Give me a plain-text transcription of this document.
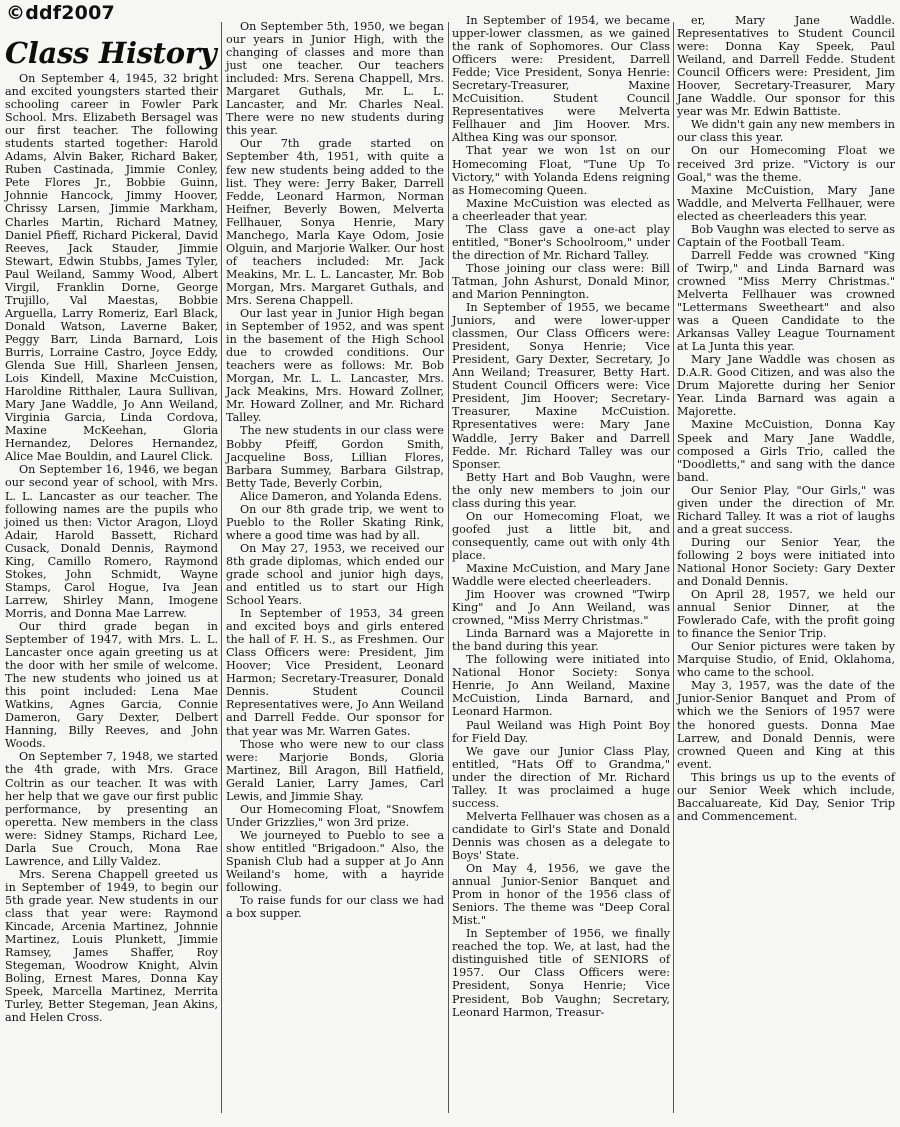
©ddf2007
Class History

On September 4, 1945, 32 bright and excited youngsters started their schooling career in Fowler Park School. Mrs. Elizabeth Bersagel was our first teacher. The following students started together: Harold Adams, Alvin Baker, Richard Baker, Ruben Castinada, Jimmie Conley, Pete Flores Jr., Bobbie Guinn, Johnnie Hancock, Jimmy Hoover, Chrissy Larsen, Jimmie Markham, Charles Martin, Richard Matney, Daniel Pfieff, Richard Pickeral, David Reeves, Jack Stauder, Jimmie Stewart, Edwin Stubbs, James Tyler, Paul Weiland, Sammy Wood, Albert Virgil, Franklin Dorne, George Trujillo, Val Maestas, Bobbie Arguella, Larry Romeriz, Earl Black, Donald Watson, Laverne Baker, Peggy Barr, Linda Barnard, Lois Burris, Lorraine Castro, Joyce Eddy, Glenda Sue Hill, Sharleen Jensen, Lois Kindell, Maxine McCuistion, Haroldine Ritthaler, Laura Sullivan, Mary Jane Waddle, Jo Ann Weiland, Virginia Garcia, Linda Cordova, Maxine McKeehan, Gloria Hernandez, Delores Hernandez, Alice Mae Bouldin, and Laurel Click.

On September 16, 1946, we began our second year of school, with Mrs. L. L. Lancaster as our teacher. The following names are the pupils who joined us then: Victor Aragon, Lloyd Adair, Harold Bassett, Richard Cusack, Donald Dennis, Raymond King, Camillo Romero, Raymond Stokes, John Schmidt, Wayne Stamps, Carol Hogue, Iva Jean Larrew, Shirley Mann, Imogene Morris, and Donna Mae Larrew.

Our third grade began in September of 1947, with Mrs. L. L. Lancaster once again greeting us at the door with her smile of welcome. The new students who joined us at this point included: Lena Mae Watkins, Agnes Garcia, Connie Dameron, Gary Dexter, Delbert Hanning, Billy Reeves, and John Woods.

On September 7, 1948, we started the 4th grade, with Mrs. Grace Coltrin as our teacher. It was with her help that we gave our first public performance, by presenting an operetta. New members in the class were: Sidney Stamps, Richard Lee, Darla Sue Crouch, Mona Rae Lawrence, and Lilly Valdez.

Mrs. Serena Chappell greeted us in September of 1949, to begin our 5th grade year. New students in our class that year were: Raymond Kincade, Arcenia Martinez, Johnnie Martinez, Louis Plunkett, Jimmie Ramsey, James Shaffer, Roy Stegeman, Woodrow Knight, Alvin Boling, Ernest Mares, Donna Kay Speek, Marcella Martinez, Merrita Turley, Better Stegeman, Jean Akins, and Helen Cross.

On September 5th, 1950, we began our years in Junior High, with the changing of classes and more than just one teacher. Our teachers included: Mrs. Serena Chappell, Mrs. Margaret Guthals, Mr. L. L. Lancaster, and Mr. Charles Neal. There were no new students during this year.

Our 7th grade started on September 4th, 1951, with quite a few new students being added to the list. They were: Jerry Baker, Darrell Fedde, Leonard Harmon, Norman Heifner, Beverly Bowen, Melverta Fellhauer, Sonya Henrie, Mary Manchego, Marla Kaye Odom, Josie Olguin, and Marjorie Walker. Our host of teachers included: Mr. Jack Meakins, Mr. L. L. Lancaster, Mr. Bob Morgan, Mrs. Margaret Guthals, and Mrs. Serena Chappell.

Our last year in Junior High began in September of 1952, and was spent in the basement of the High School due to crowded conditions. Our teachers were as follows: Mr. Bob Morgan, Mr. L. L. Lancaster, Mrs. Jack Meakins, Mrs. Howard Zollner, Mr. Howard Zollner, and Mr. Richard Talley.

The new students in our class were Bobby Pfeiff, Gordon Smith, Jacqueline Boss, Lillian Flores, Barbara Summey, Barbara Gilstrap, Betty Tade, Beverly Corbin,

Alice Dameron, and Yolanda Edens.

On our 8th grade trip, we went to Pueblo to the Roller Skating Rink, where a good time was had by all.

On May 27, 1953, we received our 8th grade diplomas, which ended our grade school and junior high days, and entitled us to start our High School Years.

In September of 1953, 34 green and excited boys and girls entered the hall of F. H. S., as Freshmen. Our Class Officers were: President, Jim Hoover; Vice President, Leonard Harmon; Secretary-Treasurer, Donald Dennis. Student Council Representatives were, Jo Ann Weiland and Darrell Fedde. Our sponsor for that year was Mr. Warren Gates.

Those who were new to our class were: Marjorie Bonds, Gloria Martinez, Bill Aragon, Bill Hatfield, Gerald Lanier, Larry James, Carl Lewis, and Jimmie Shay.

Our Homecoming Float, "Snowfem Under Grizzlies," won 3rd prize.

We journeyed to Pueblo to see a show entitled "Brigadoon." Also, the Spanish Club had a supper at Jo Ann Weiland's home, with a hayride following.

To raise funds for our class we had a box supper.

In September of 1954, we became upper-lower classmen, as we gained the rank of Sophomores. Our Class Officers were: President, Darrell Fedde; Vice President, Sonya Henrie: Secretary-Treasurer, Maxine McCuisition. Student Council Representatives were Melverta Fellhauer and Jim Hoover. Mrs. Althea King was our sponsor.

That year we won 1st on our Homecoming Float, "Tune Up To Victory," with Yolanda Edens reigning as Homecoming Queen.

Maxine McCuistion was elected as a cheerleader that year.

The Class gave a one-act play entitled, "Boner's Schoolroom," under the direction of Mr. Richard Talley.

Those joining our class were: Bill Tatman, John Ashurst, Donald Minor, and Marion Pennington.

In September of 1955, we became Juniors, and were lower-upper classmen, Our Class Officers were: President, Sonya Henrie; Vice President, Gary Dexter, Secretary, Jo Ann Weiland; Treasurer, Betty Hart. Student Council Officers were: Vice President, Jim Hoover; Secretary-Treasurer, Maxine McCuistion. Rpresentatives were: Mary Jane Waddle, Jerry Baker and Darrell Fedde. Mr. Richard Talley was our Sponser.

Betty Hart and Bob Vaughn, were the only new members to join our class during this year.

On our Homecoming Float, we goofed just a little bit, and consequently, came out with only 4th place.

Maxine McCuistion, and Mary Jane Waddle were elected cheerleaders.

Jim Hoover was crowned "Twirp King" and Jo Ann Weiland, was crowned, "Miss Merry Christmas."

Linda Barnard was a Majorette in the band during this year.

The following were initiated into National Honor Society: Sonya Henrie, Jo Ann Weiland, Maxine McCuistion, Linda Barnard, and Leonard Harmon.

Paul Weiland was High Point Boy for Field Day.

We gave our Junior Class Play, entitled, "Hats Off to Grandma," under the direction of Mr. Richard Talley. It was proclaimed a huge success.

Melverta Fellhauer was chosen as a candidate to Girl's State and Donald Dennis was chosen as a delegate to Boys' State.

On May 4, 1956, we gave the annual Junior-Senior Banquet and Prom in honor of the 1956 class of Seniors. The theme was "Deep Coral Mist."

In September of 1956, we finally reached the top. We, at last, had the distinguished title of SENIORS of 1957. Our Class Officers were: President, Sonya Henrie; Vice President, Bob Vaughn; Secretary, Leonard Harmon, Treasur-

er, Mary Jane Waddle. Representatives to Student Council were: Donna Kay Speek, Paul Weiland, and Darrell Fedde. Student Council Officers were: President, Jim Hoover, Secretary-Treasurer, Mary Jane Waddle. Our sponsor for this year was Mr. Edwin Battiste.

We didn't gain any new members in our class this year.

On our Homecoming Float we received 3rd prize. "Victory is our Goal," was the theme.

Maxine McCuistion, Mary Jane Waddle, and Melverta Fellhauer, were elected as cheerleaders this year.

Bob Vaughn was elected to serve as Captain of the Football Team.

Darrell Fedde was crowned "King of Twirp," and Linda Barnard was crowned "Miss Merry Christmas." Melverta Fellhauer was crowned "Lettermans Sweetheart" and also was a Queen Candidate to the Arkansas Valley League Tournament at La Junta this year.

Mary Jane Waddle was chosen as D.A.R. Good Citizen, and was also the Drum Majorette during her Senior Year. Linda Barnard was again a Majorette.

Maxine McCuistion, Donna Kay Speek and Mary Jane Waddle, composed a Girls Trio, called the "Doodletts," and sang with the dance band.

Our Senior Play, "Our Girls," was given under the direction of Mr. Richard Talley. It was a riot of laughs and a great success.

During our Senior Year, the following 2 boys were initiated into National Honor Society: Gary Dexter and Donald Dennis.

On April 28, 1957, we held our annual Senior Dinner, at the Fowlerado Cafe, with the profit going to finance the Senior Trip.

Our Senior pictures were taken by Marquise Studio, of Enid, Oklahoma, who came to the school.

May 3, 1957, was the date of the Junior-Senior Banquet and Prom of which we the Seniors of 1957 were the honored guests. Donna Mae Larrew, and Donald Dennis, were crowned Queen and King at this event.

This brings us up to the events of our Senior Week which include, Baccaluareate, Kid Day, Senior Trip and Commencement.
